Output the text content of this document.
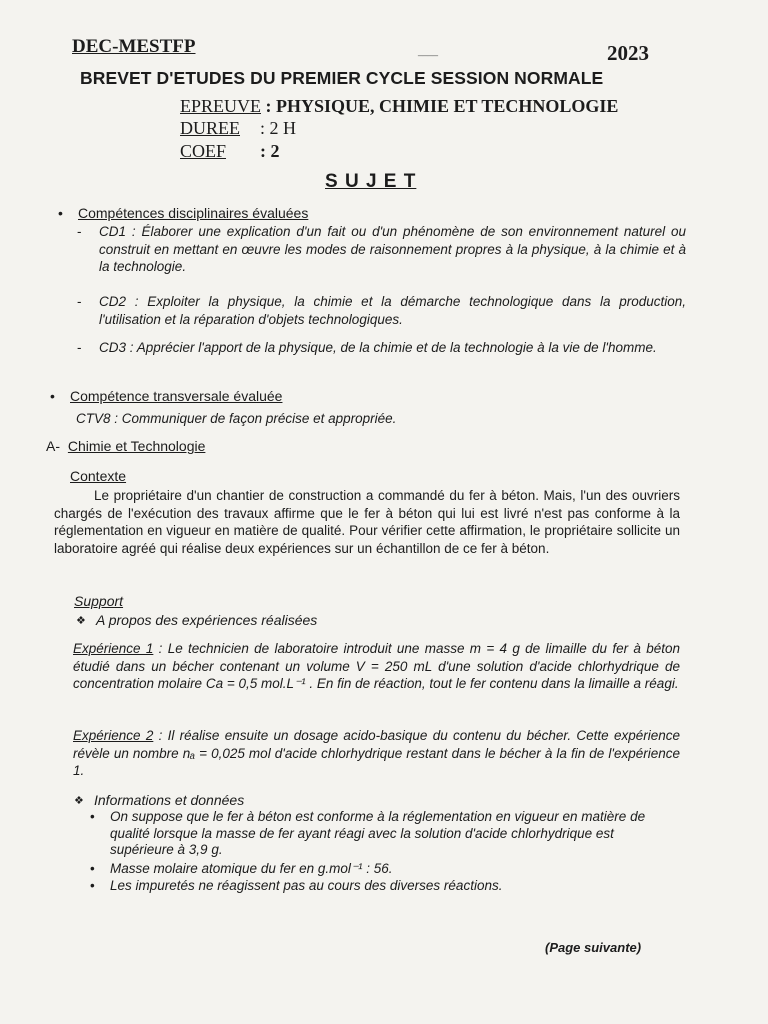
DEC-MESTFP	____	2023
BREVET D'ETUDES DU PREMIER CYCLE SESSION NORMALE
EPREUVE : PHYSIQUE, CHIMIE ET TECHNOLOGIE
DUREE : 2 H
COEF : 2
S U J E T
• Compétences disciplinaires évaluées
- CD1 : Élaborer une explication d'un fait ou d'un phénomène de son environnement naturel ou construit en mettant en œuvre les modes de raisonnement propres à la physique, à la chimie et à la technologie.
- CD2 : Exploiter la physique, la chimie et la démarche technologique dans la production, l'utilisation et la réparation d'objets technologiques.
- CD3 : Apprécier l'apport de la physique, de la chimie et de la technologie à la vie de l'homme.
• Compétence transversale évaluée
CTV8 : Communiquer de façon précise et appropriée.
A- Chimie et Technologie
Contexte
Le propriétaire d'un chantier de construction a commandé du fer à béton. Mais, l'un des ouvriers chargés de l'exécution des travaux affirme que le fer à béton qui lui est livré n'est pas conforme à la réglementation en vigueur en matière de qualité. Pour vérifier cette affirmation, le propriétaire sollicite un laboratoire agréé qui réalise deux expériences sur un échantillon de ce fer à béton.
Support
❖ A propos des expériences réalisées
Expérience 1 : Le technicien de laboratoire introduit une masse m = 4 g de limaille du fer à béton étudié dans un bécher contenant un volume V = 250 mL d'une solution d'acide chlorhydrique de concentration molaire Ca = 0,5 mol.L⁻¹ . En fin de réaction, tout le fer contenu dans la limaille a réagi.
Expérience 2 : Il réalise ensuite un dosage acido-basique du contenu du bécher. Cette expérience révèle un nombre nₐ = 0,025 mol d'acide chlorhydrique restant dans le bécher à la fin de l'expérience 1.
❖ Informations et données
• On suppose que le fer à béton est conforme à la réglementation en vigueur en matière de qualité lorsque la masse de fer ayant réagi avec la solution d'acide chlorhydrique est supérieure à 3,9 g.
• Masse molaire atomique du fer en g.mol⁻¹ : 56.
• Les impuretés ne réagissent pas au cours des diverses réactions.
(Page suivante)
